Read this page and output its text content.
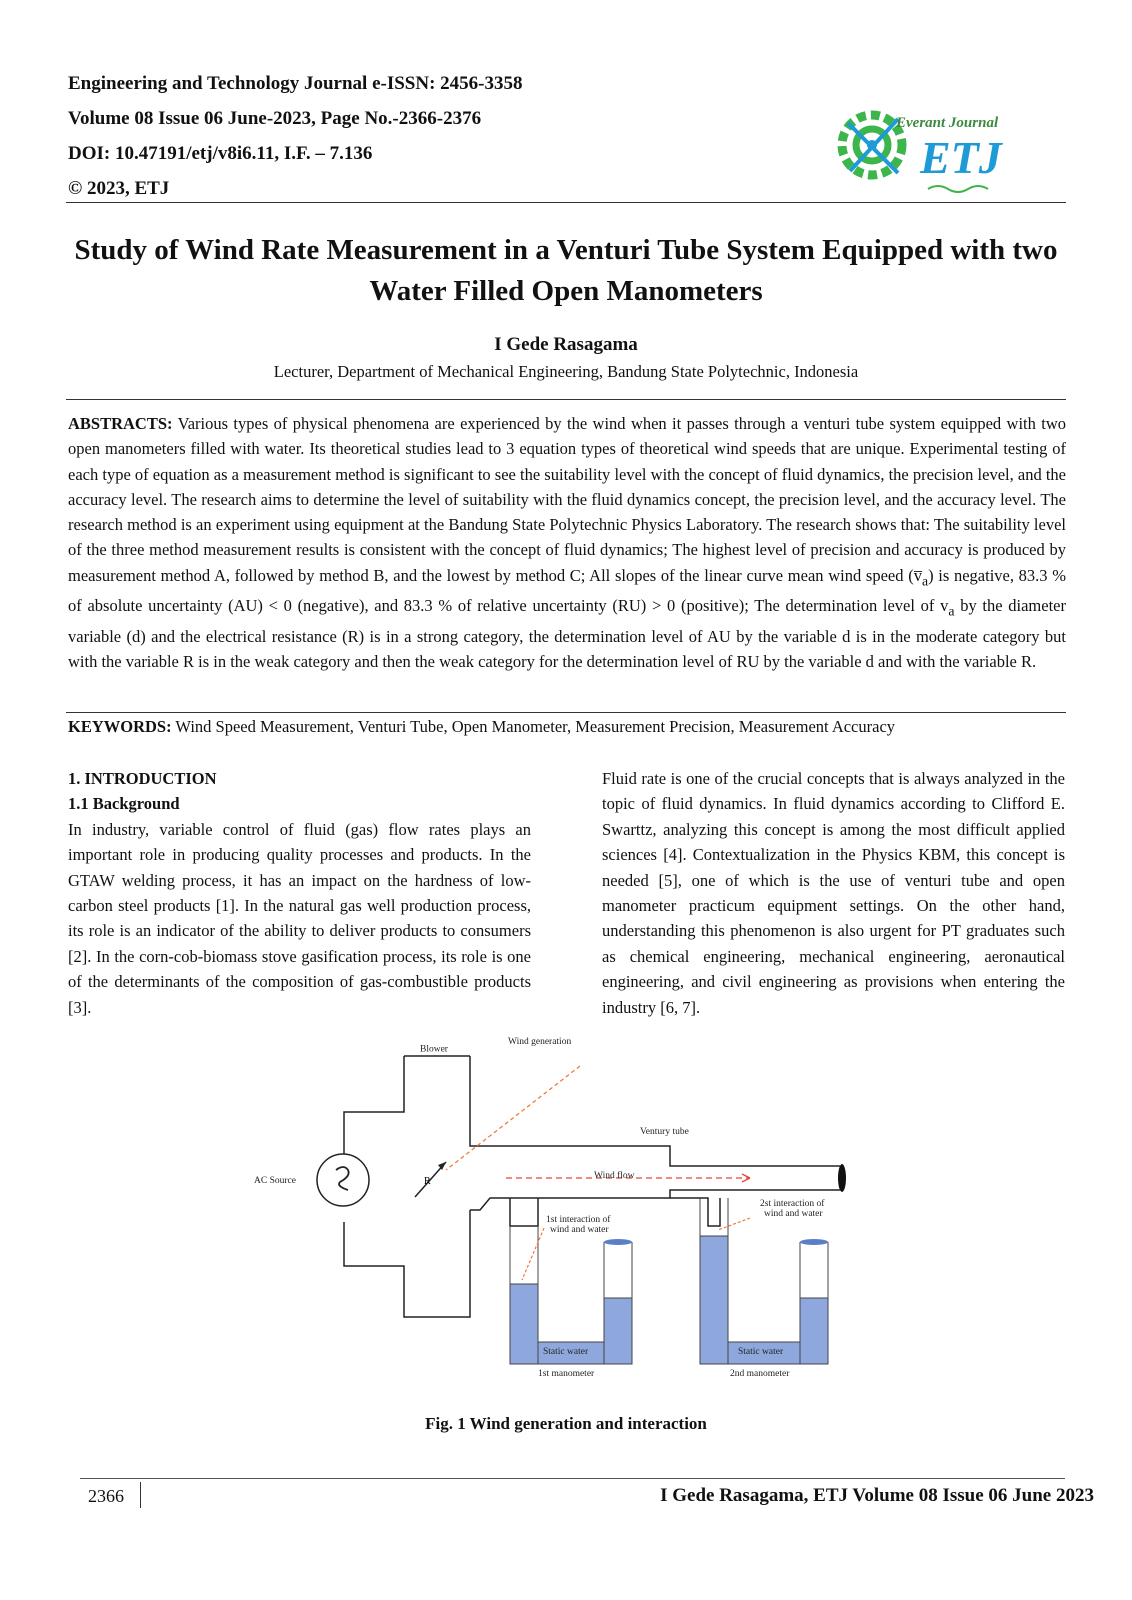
Engineering and Technology Journal e-ISSN: 2456-3358
Volume 08 Issue 06 June-2023, Page No.-2366-2376
DOI: 10.47191/etj/v8i6.11, I.F. – 7.136
© 2023, ETJ
Everant Journal
ETJ
Study of Wind Rate Measurement in a Venturi Tube System Equipped with two Water Filled Open Manometers
I Gede Rasagama
Lecturer, Department of Mechanical Engineering, Bandung State Polytechnic, Indonesia
ABSTRACTS: Various types of physical phenomena are experienced by the wind when it passes through a venturi tube system equipped with two open manometers filled with water. Its theoretical studies lead to 3 equation types of theoretical wind speeds that are unique. Experimental testing of each type of equation as a measurement method is significant to see the suitability level with the concept of fluid dynamics, the precision level, and the accuracy level. The research aims to determine the level of suitability with the fluid dynamics concept, the precision level, and the accuracy level. The research method is an experiment using equipment at the Bandung State Polytechnic Physics Laboratory. The research shows that: The suitability level of the three method measurement results is consistent with the concept of fluid dynamics; The highest level of precision and accuracy is produced by measurement method A, followed by method B, and the lowest by method C; All slopes of the linear curve mean wind speed $(v̅_a)$ is negative, 83.3 % of absolute uncertainty (AU) < 0 (negative), and 83.3 % of relative uncertainty (RU) > 0 (positive); The determination level of $v_a$ by the diameter variable (d) and the electrical resistance (R) is in a strong category, the determination level of AU by the variable d is in the moderate category but with the variable R is in the weak category and then the weak category for the determination level of RU by the variable d and with the variable R.
KEYWORDS: Wind Speed Measurement, Venturi Tube, Open Manometer, Measurement Precision, Measurement Accuracy
1. INTRODUCTION
1.1 Background

In industry, variable control of fluid (gas) flow rates plays an important role in producing quality processes and products. In the GTAW welding process, it has an impact on the hardness of low-carbon steel products [1]. In the natural gas well production process, its role is an indicator of the ability to deliver products to consumers [2]. In the corn-cob-biomass stove gasification process, its role is one of the determinants of the composition of gas-combustible products [3].

Fluid rate is one of the crucial concepts that is always analyzed in the topic of fluid dynamics. In fluid dynamics according to Clifford E. Swarttz, analyzing this concept is among the most difficult applied sciences [4]. Contextualization in the Physics KBM, this concept is needed [5], one of which is the use of venturi tube and open manometer practicum equipment settings. On the other hand, understanding this phenomenon is also urgent for PT graduates such as chemical engineering, mechanical engineering, aeronautical engineering, and civil engineering as provisions when entering the industry [6, 7].

R
Blower
Wind generation
Ventury tube
AC Source	Wind flow
1st interaction of
wind and water
2st interaction of
wind and water
Static water	Static water
1st manometer	2nd manometer
Fig. 1 Wind generation and interaction
2366	I Gede Rasagama, ETJ Volume 08 Issue 06 June 2023
